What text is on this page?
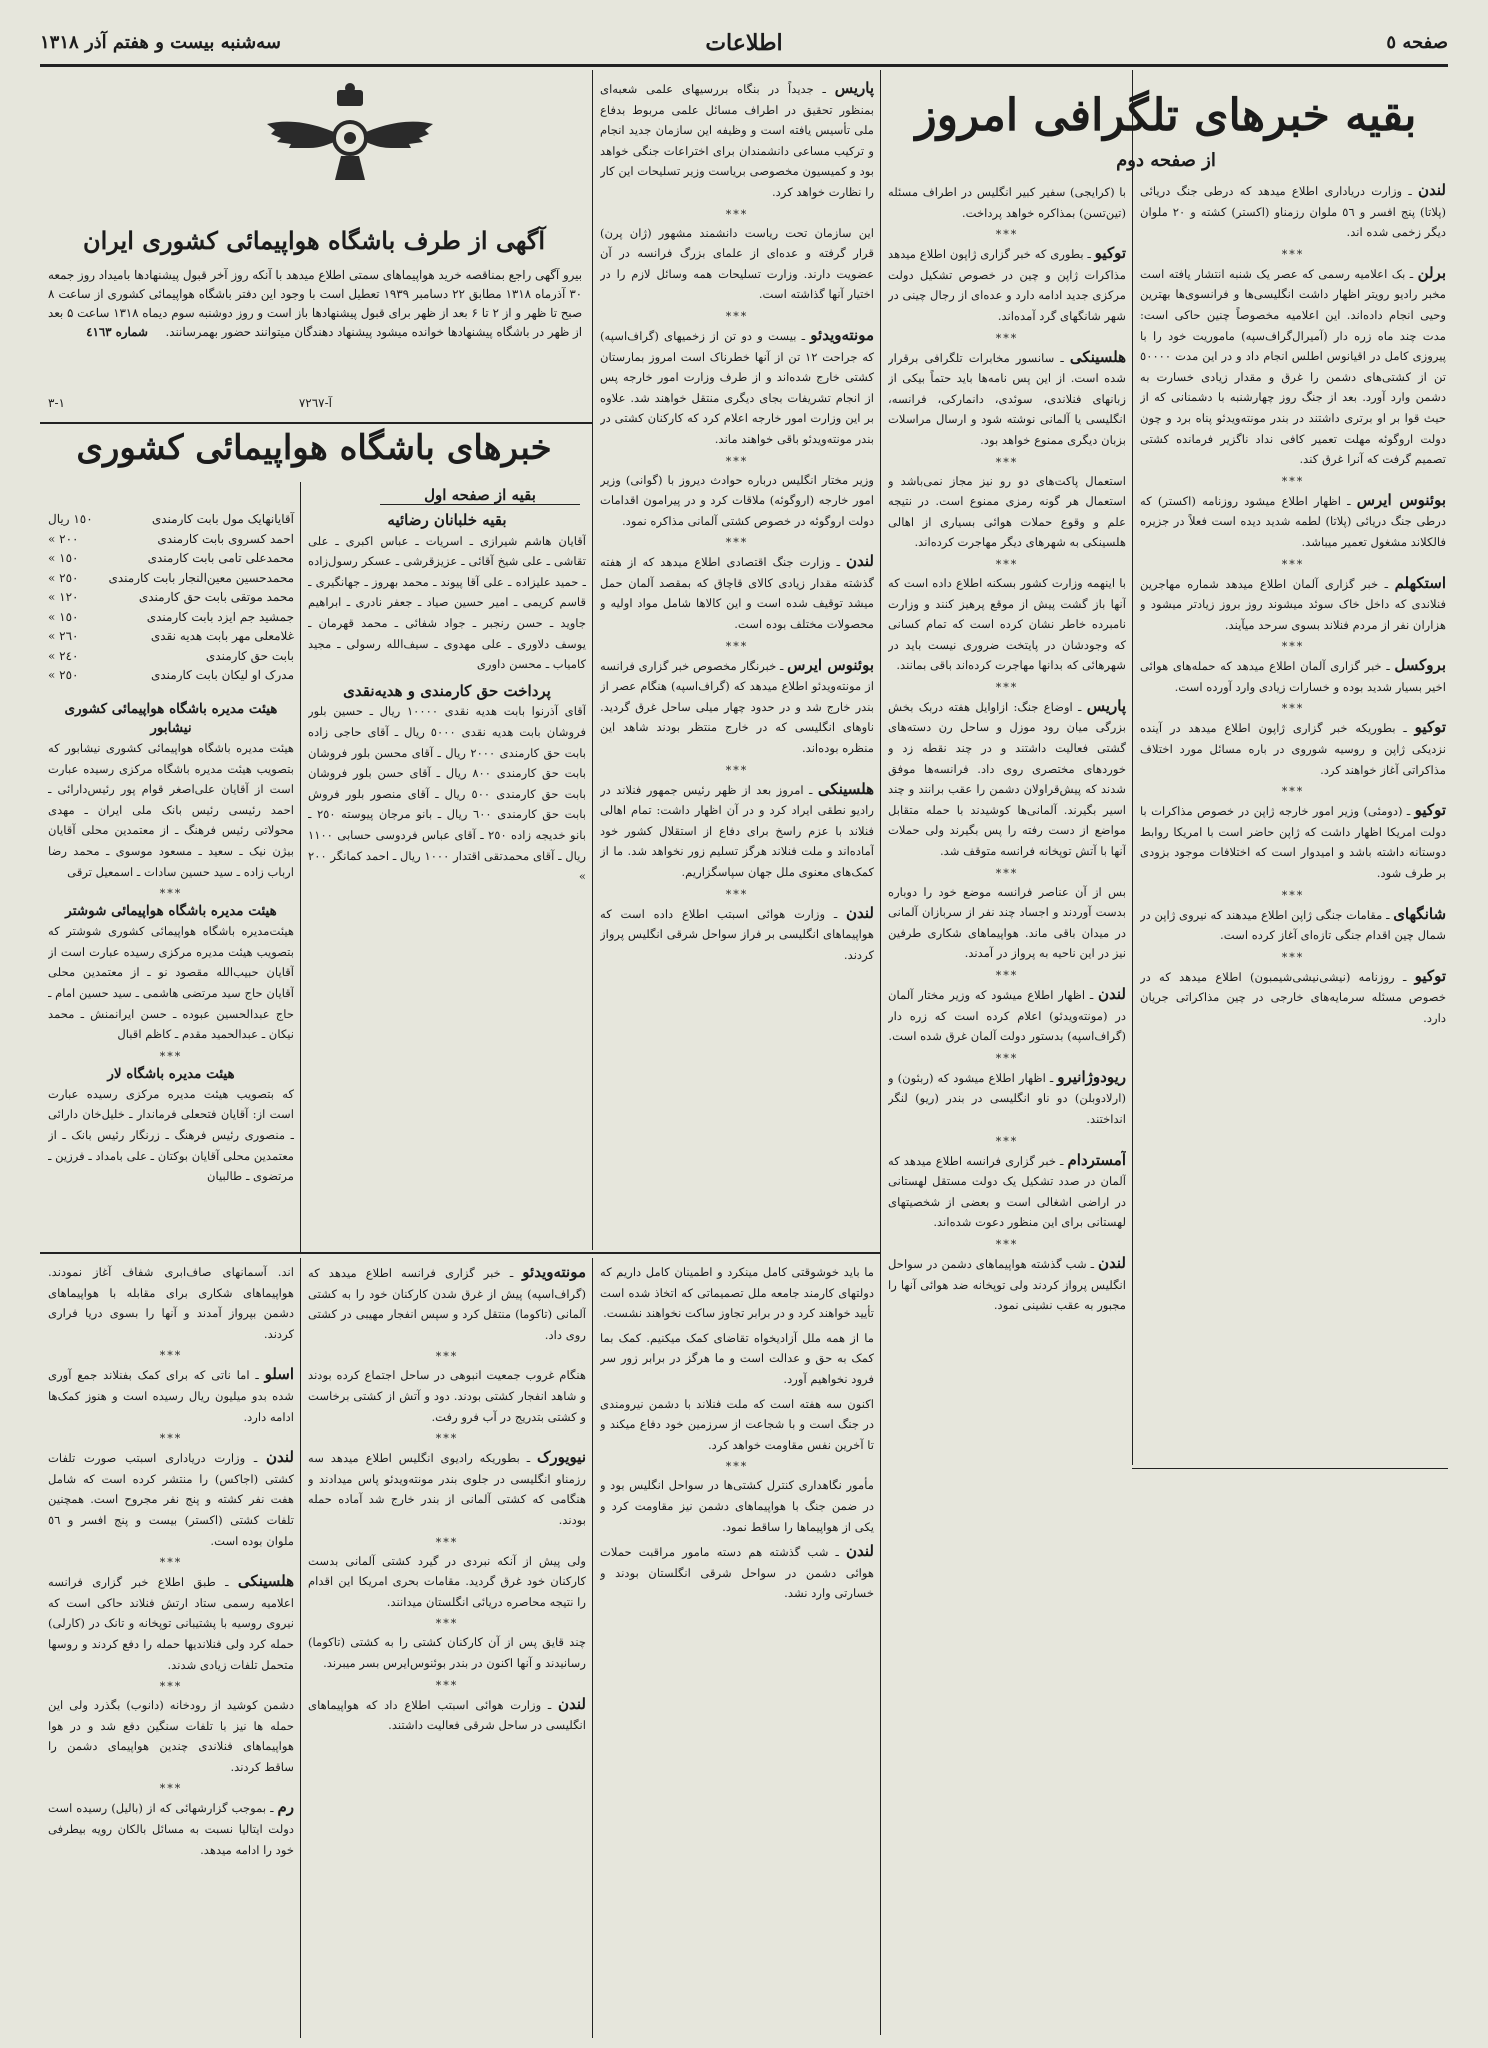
صفحه ٥
اطلاعات
سه‌شنبه بیست و هفتم آذر ۱۳۱۸
بقیه خبرهای تلگرافی امروز
از صفحه دوم

لندن ـ وزارت دریاداری اطلاع میدهد که درطی جنگ دریائی (پلاتا) پنج افسر و ٥٦ ملوان رزمناو (اکستر) کشته و ٢٠ ملوان دیگر زخمی شده اند.

***

برلن ـ بک اعلامیه رسمی که عصر یک شنبه انتشار یافته است مخبر رادیو رویتر اظهار داشت انگلیسی‌ها و فرانسوی‌ها بهترین وحیی انجام داده‌اند. این اعلامیه مخصوصاً چنین حاکی است: مدت چند ماه زره دار (آمیرال‌گراف‌سپه) ماموریت خود را با پیروزی کامل در اقیانوس اطلس انجام داد و در این مدت ٥٠٠٠٠ تن از کشتی‌های دشمن را غرق و مقدار زیادی خسارت به دشمن وارد آورد. بعد از جنگ روز چهارشنبه با دشمنانی که از حیث قوا بر او برتری داشتند در بندر مونته‌ویدئو پناه برد و چون دولت اروگوئه مهلت تعمیر کافی نداد ناگزیر فرمانده کشتی تصمیم گرفت که آنرا غرق کند.

***

بوئنوس ایرس ـ اظهار اطلاع میشود روزنامه (اکستر) که درطی جنگ دریائی (پلاتا) لطمه شدید دیده است فعلاً در جزیره فالکلاند مشغول تعمیر میباشد.

***

استکهلم ـ خبر گزاری آلمان اطلاع میدهد شماره مهاجرین فنلاندی که داخل خاک سوئد میشوند روز بروز زیادتر میشود و هزاران نفر از مردم فنلاند بسوی سرحد میآیند.

***

بروکسل ـ خبر گزاری آلمان اطلاع میدهد که حمله‌های هوائی اخیر بسیار شدید بوده و خسارات زیادی وارد آورده است.

***

توکیو ـ بطوریکه خبر گزاری ژاپون اطلاع میدهد در آینده نزدیکی ژاپن و روسیه شوروی در باره مسائل مورد اختلاف مذاکراتی آغاز خواهند کرد.

***

توکیو ـ (دومئی) وزیر امور خارجه ژاپن در خصوص مذاکرات با دولت امریکا اظهار داشت که ژاپن حاضر است با امریکا روابط دوستانه داشته باشد و امیدوار است که اختلافات موجود بزودی بر طرف شود.

***

شانگهای ـ مقامات جنگی ژاپن اطلاع میدهند که نیروی ژاپن در شمال چین اقدام جنگی تازه‌ای آغاز کرده است.

***

توکیو ـ روزنامه (نیشی‌نیشی‌شیمبون) اطلاع میدهد که در خصوص مسئله سرمایه‌های خارجی در چین مذاکراتی جریان دارد.

با (کرایجی) سفیر کبیر انگلیس در اطراف مسئله (تین‌تسن) بمذاکره خواهد پرداخت.

***

توکیو ـ بطوری که خبر گزاری ژاپون اطلاع میدهد مذاکرات ژاپن و چین در خصوص تشکیل دولت مرکزی جدید ادامه دارد و عده‌ای از رجال چینی در شهر شانگهای گرد آمده‌اند.

***

هلسینکی ـ سانسور مخابرات تلگرافی برقرار شده است. از این پس نامه‌ها باید حتماً بیکی از زبانهای فنلاندی، سوئدی، دانمارکی، فرانسه، انگلیسی یا آلمانی نوشته شود و ارسال مراسلات بزبان دیگری ممنوع خواهد بود.

***

استعمال پاکت‌های دو رو نیز مجاز نمی‌باشد و استعمال هر گونه رمزی ممنوع است. در نتیجه علم و وقوع حملات هوائی بسیاری از اهالی هلسینکی به شهرهای دیگر مهاجرت کرده‌اند.

***

با اینهمه وزارت کشور بسکنه اطلاع داده است که آنها باز گشت پیش از موقع پرهیز کنند و وزارت نامبرده خاطر نشان کرده است که تمام کسانی که وجودشان در پایتخت ضروری نیست باید در شهرهائی که بدانها مهاجرت کرده‌اند باقی بمانند.

***

پاریس ـ اوضاع جنگ: ازاوایل هفته دربک بخش بزرگی میان رود موزل و ساحل رن دسته‌های گشتی فعالیت داشتند و در چند نقطه زد و خوردهای مختصری روی داد. فرانسه‌ها موفق شدند که پیش‌قراولان دشمن را عقب برانند و چند اسیر بگیرند. آلمانی‌ها کوشیدند با حمله متقابل مواضع از دست رفته را پس بگیرند ولی حملات آنها با آتش توپخانه فرانسه متوقف شد.

***

بس از آن عناصر فرانسه موضع خود را دوباره بدست آوردند و اجساد چند نفر از سربازان آلمانی در میدان باقی ماند. هواپیماهای شکاری طرفین نیز در این ناحیه به پرواز در آمدند.

***

لندن ـ اظهار اطلاع میشود که وزیر مختار آلمان در (مونته‌ویدئو) اعلام کرده است که زره دار (گراف‌اسپه) بدستور دولت آلمان غرق شده است.

***

ریودوژانیرو ـ اظهار اطلاع میشود که (ربئون) و (ارلادوبلن) دو ناو انگلیسی در بندر (ریو) لنگر انداختند.

***

آمستردام ـ خبر گزاری فرانسه اطلاع میدهد که آلمان در صدد تشکیل یک دولت مستقل لهستانی در اراضی اشغالی است و بعضی از شخصیتهای لهستانی برای این منظور دعوت شده‌اند.

***

لندن ـ شب گذشته هواپیماهای دشمن در سواحل انگلیس پرواز کردند ولی توپخانه ضد هوائی آنها را مجبور به عقب نشینی نمود.

پاریس ـ جدیداً در بنگاه بررسیهای علمی شعبه‌ای بمنظور تحقیق در اطراف مسائل علمی مربوط بدفاع ملی تأسیس یافته است و وظیفه این سازمان جدید انجام و ترکیب مساعی دانشمندان برای اختراعات جنگی خواهد بود و کمیسیون مخصوصی بریاست وزیر تسلیحات این کار را نظارت خواهد کرد.

***

این سازمان تحت ریاست دانشمند مشهور (ژان پرن) قرار گرفته و عده‌ای از علمای بزرگ فرانسه در آن عضویت دارند. وزارت تسلیحات همه وسائل لازم را در اختیار آنها گذاشته است.

***

مونته‌ویدئو ـ بیست و دو تن از زخمیهای (گراف‌اسپه) که جراحت ١٢ تن از آنها خطرناک است امروز بمارستان کشتی خارج شده‌اند و از طرف وزارت امور خارجه پس از انجام تشریفات بجای دیگری منتقل خواهند شد. علاوه بر این وزارت امور خارجه اعلام کرد که کارکنان کشتی در بندر مونته‌ویدئو باقی خواهند ماند.

***

وزیر مختار انگلیس درباره حوادث دیروز با (گوانی) وزیر امور خارجه (اروگوئه) ملاقات کرد و در پیرامون اقدامات دولت اروگوئه در خصوص کشتی آلمانی مذاکره نمود.

***

لندن ـ وزارت جنگ اقتصادی اطلاع میدهد که از هفته گذشته مقدار زیادی کالای قاچاق که بمقصد آلمان حمل میشد توقیف شده است و این کالاها شامل مواد اولیه و محصولات مختلف بوده است.

***

بوئنوس ایرس ـ خبرنگار مخصوص خبر گزاری فرانسه از مونته‌ویدئو اطلاع میدهد که (گراف‌اسپه) هنگام عصر از بندر خارج شد و در حدود چهار میلی ساحل غرق گردید. ناوهای انگلیسی که در خارج منتظر بودند شاهد این منظره بوده‌اند.

***

هلسینکی ـ امروز بعد از ظهر رئیس جمهور فنلاند در رادیو نطقی ایراد کرد و در آن اظهار داشت: تمام اهالی فنلاند با عزم راسخ برای دفاع از استقلال کشور خود آماده‌اند و ملت فنلاند هرگز تسلیم زور نخواهد شد. ما از کمک‌های معنوی ملل جهان سپاسگزاریم.

***

لندن ـ وزارت هوائی اسبتب اطلاع داده است که هواپیماهای انگلیسی بر فراز سواحل شرقی انگلیس پرواز کردند.

آگهی از طرف باشگاه هواپیمائی کشوری ایران
بیرو آگهی راجع بمناقصه خرید هواپیماهای سمتی اطلاع میدهد با آنکه روز آخر قبول پیشنهادها بامیداد روز جمعه ٣٠ آذرماه ١٣١٨ مطابق ٢٢ دسامبر ١٩٣٩ تعطیل است با وجود این دفتر باشگاه هواپیمائی کشوری از ساعت ۸ صبح تا ظهر و از ۲ تا ۶ بعد از ظهر برای قبول پیشنهادها باز است و روز دوشنبه سوم دیماه ۱۳۱۸ ساعت ۵ بعد از ظهر در باشگاه پیشنهادها خوانده میشود پیشنهاد دهندگان میتوانند حضور بهمرسانند. شماره ٤١٦٣
آ-٧٢٦٧
١-٣
خبرهای باشگاه هواپیمائی کشوری
بقیه از صفحه اول
آقایانهایک مول بابت کارمندی
١٥٠ ریال
احمد کسروی بابت کارمندی
٢٠٠ »
محمدعلی تامی بابت کارمندی
١٥٠ »
محمدحسین معین‌النجار بابت کارمندی
٢٥٠ »
محمد موتقی بابت حق کارمندی
١٢٠ »
جمشید جم ایزد بابت کارمندی
١٥٠ »
غلامعلی مهر بابت هدیه نقدی
٢٦٠ »
بابت حق کارمندی
٢٤٠ »
مدرک او لیکان بابت کارمندی
٢٥٠ »
هیئت مدیره باشگاه هواپیمائی کشوری نیشابور

هیئت مدیره باشگاه هواپیمائی کشوری نیشابور که بتصویب هیئت مدیره باشگاه مرکزی رسیده عبارت است از آقایان علی‌اصغر قوام پور رئیس‌دارائی ـ احمد رئیسی رئیس بانک ملی ایران ـ مهدی محولاتی رئیس فرهنگ ـ از معتمدین محلی آقایان بیژن نیک ـ سعید ـ مسعود موسوی ـ محمد رضا ارباب زاده ـ سید حسین سادات ـ اسمعیل ترقی

***
هیئت مدیره باشگاه هواپیمائی شوشتر

هیئت‌مدیره باشگاه هواپیمائی کشوری شوشتر که بتصویب هیئت مدیره مرکزی رسیده عبارت است از آقایان حبیب‌الله مقصود نو ـ از معتمدین محلی آقایان حاج سید مرتضی هاشمی ـ سید حسین امام ـ حاج عبدالحسین عبوده ـ حسن ایرانمنش ـ محمد نیکان ـ عبدالحمید مقدم ـ کاظم اقبال

***
هیئت مدیره باشگاه لار

که بتصویب هیئت مدیره مرکزی رسیده عبارت است از: آقایان فتحعلی فرماندار ـ خلیل‌خان دارائی ـ منصوری رئیس فرهنگ ـ زرنگار رئیس بانک ـ از معتمدین محلی آقایان بوکتان ـ علی بامداد ـ فرزین ـ مرتضوی ـ طالبیان

بقیه خلبانان رضائیه

آقایان هاشم شیرازی ـ اسریات ـ عباس اکبری ـ علی تقاشی ـ علی شیخ آقائی ـ عزیزقرشی ـ عسکر رسول‌زاده ـ حمید علیزاده ـ علی آقا پیوند ـ محمد بهروز ـ جهانگیری ـ قاسم کریمی ـ امیر حسین صیاد ـ جعفر نادری ـ ابراهیم جاوید ـ حسن رنجبر ـ جواد شفائی ـ محمد قهرمان ـ یوسف دلاوری ـ علی مهدوی ـ سیف‌الله رسولی ـ مجید کامیاب ـ محسن داوری

پرداخت حق کارمندی و هدیه‌نقدی

آقای آذرنوا بابت هدیه نقدی ١٠٠٠٠ ریال ـ حسین بلور فروشان بابت هدیه نقدی ٥٠٠٠ ریال ـ آقای حاجی زاده بابت حق کارمندی ٢٠٠٠ ریال ـ آقای محسن بلور فروشان بابت حق کارمندی ٨٠٠ ریال ـ آقای حسن بلور فروشان بابت حق کارمندی ٥٠٠ ریال ـ آقای منصور بلور فروش بابت حق کارمندی ٦٠٠ ریال ـ بانو مرجان پیوسته ٢٥٠ ـ بانو خدیجه زاده ٢٥٠ ـ آقای عباس فردوسی حسابی ١١٠٠ ریال ـ آقای محمدتقی اقتدار ١٠٠٠ ریال ـ احمد کمانگر ٢٠٠ »

اند. آسمانهای صاف‌ابری شفاف آغاز نمودند. هواپیماهای شکاری برای مقابله با هواپیماهای دشمن بپرواز آمدند و آنها را بسوی دریا فراری کردند.

***

اسلو ـ اما ناتی که برای کمک بفنلاند جمع آوری شده بدو میلیون ریال رسیده است و هنوز کمک‌ها ادامه دارد.

***

لندن ـ وزارت دریاداری اسبتب صورت تلفات کشتی (اجاکس) را منتشر کرده است که شامل هفت نفر کشته و پنج نفر مجروح است. همچنین تلفات کشتی (اکستر) بیست و پنج افسر و ٥٦ ملوان بوده است.

***

هلسینکی ـ طبق اطلاع خبر گزاری فرانسه اعلامیه رسمی ستاد ارتش فنلاند حاکی است که نیروی روسیه با پشتیبانی توپخانه و تانک در (کارلی) حمله کرد ولی فنلاندیها حمله را دفع کردند و روسها متحمل تلفات زیادی شدند.

***

دشمن کوشید از رودخانه (دانوب) بگذرد ولی این حمله ها نیز با تلفات سنگین دفع شد و در هوا هواپیماهای فنلاندی چندین هواپیمای دشمن را ساقط کردند.

***

رم ـ بموجب گزارشهائی که از (بالیل) رسیده است دولت ایتالیا نسبت به مسائل بالکان رویه بیطرفی خود را ادامه میدهد.

مونته‌ویدئو ـ خبر گزاری فرانسه اطلاع میدهد که (گراف‌اسپه) پیش از غرق شدن کارکنان خود را به کشتی آلمانی (تاکوما) منتقل کرد و سپس انفجار مهیبی در کشتی روی داد.

***

هنگام غروب جمعیت انبوهی در ساحل اجتماع کرده بودند و شاهد انفجار کشتی بودند. دود و آتش از کشتی برخاست و کشتی بتدریج در آب فرو رفت.

***

نیویورک ـ بطوریکه رادیوی انگلیس اطلاع میدهد سه رزمناو انگلیسی در جلوی بندر مونته‌ویدئو پاس میدادند و هنگامی که کشتی آلمانی از بندر خارج شد آماده حمله بودند.

***

ولی پیش از آنکه نبردی در گیرد کشتی آلمانی بدست کارکنان خود غرق گردید. مقامات بحری امریکا این اقدام را نتیجه محاصره دریائی انگلستان میدانند.

***

چند قایق پس از آن کارکنان کشتی را به کشتی (تاکوما) رسانیدند و آنها اکنون در بندر بوئنوس‌ایرس بسر میبرند.

***

لندن ـ وزارت هوائی اسبتب اطلاع داد که هواپیماهای انگلیسی در ساحل شرقی فعالیت داشتند.

ما باید خوشوقتی کامل مینکرد و اطمینان کامل داریم که دولتهای کارمند جامعه ملل تصمیماتی که اتخاذ شده است تأیید خواهند کرد و در برابر تجاوز ساکت نخواهند نشست.

ما از همه ملل آزادیخواه تقاضای کمک میکنیم. کمک بما کمک به حق و عدالت است و ما هرگز در برابر زور سر فرود نخواهیم آورد.

اکنون سه هفته است که ملت فنلاند با دشمن نیرومندی در جنگ است و با شجاعت از سرزمین خود دفاع میکند و تا آخرین نفس مقاومت خواهد کرد.

***

مأمور نگاهداری کنترل کشتی‌ها در سواحل انگلیس بود و در ضمن جنگ با هواپیماهای دشمن نیز مقاومت کرد و یکی از هواپیماها را ساقط نمود.

لندن ـ شب گذشته هم دسته مامور مراقبت حملات هوائی دشمن در سواحل شرقی انگلستان بودند و خسارتی وارد نشد.
